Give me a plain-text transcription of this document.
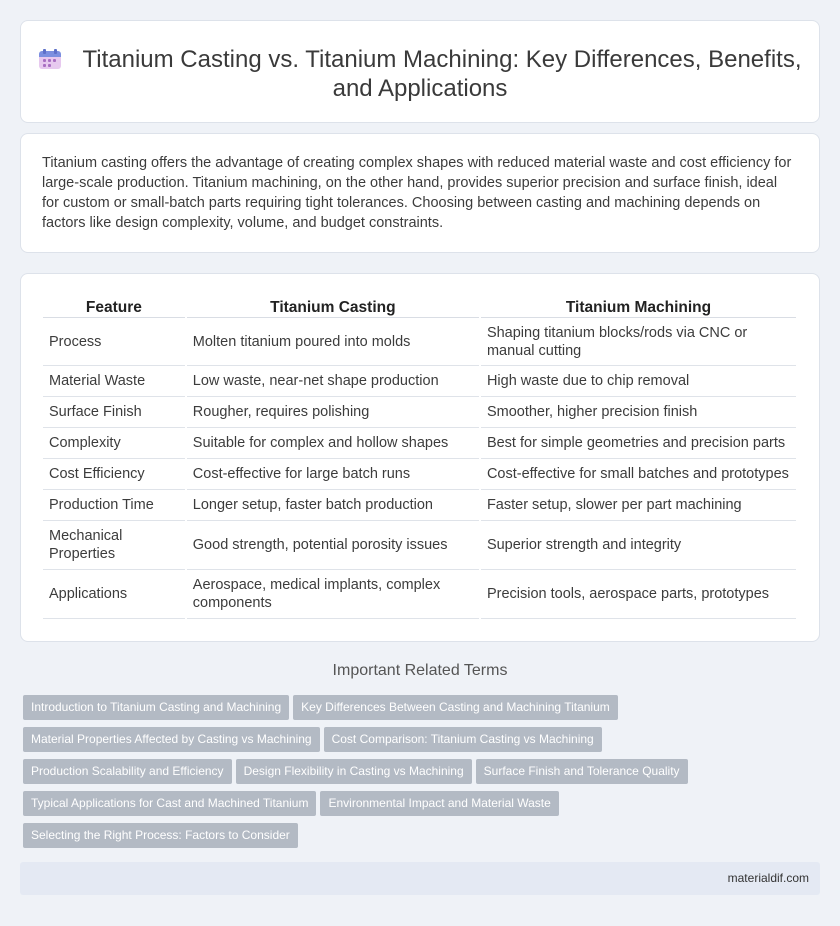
Titanium Casting vs. Titanium Machining: Key Differences, Benefits, and Applications

Titanium casting offers the advantage of creating complex shapes with reduced material waste and cost efficiency for large-scale production. Titanium machining, on the other hand, provides superior precision and surface finish, ideal for custom or small-batch parts requiring tight tolerances. Choosing between casting and machining depends on factors like design complexity, volume, and budget constraints.

Feature	Titanium Casting	Titanium Machining
Process	Molten titanium poured into molds	Shaping titanium blocks/rods via CNC or manual cutting
Material Waste	Low waste, near-net shape production	High waste due to chip removal
Surface Finish	Rougher, requires polishing	Smoother, higher precision finish
Complexity	Suitable for complex and hollow shapes	Best for simple geometries and precision parts
Cost Efficiency	Cost-effective for large batch runs	Cost-effective for small batches and prototypes
Production Time	Longer setup, faster batch production	Faster setup, slower per part machining
Mechanical Properties	Good strength, potential porosity issues	Superior strength and integrity
Applications	Aerospace, medical implants, complex components	Precision tools, aerospace parts, prototypes
Important Related Terms
Introduction to Titanium Casting and Machining Key Differences Between Casting and Machining Titanium
Material Properties Affected by Casting vs Machining Cost Comparison: Titanium Casting vs Machining
Production Scalability and Efficiency Design Flexibility in Casting vs Machining Surface Finish and Tolerance Quality
Typical Applications for Cast and Machined Titanium Environmental Impact and Material Waste
Selecting the Right Process: Factors to Consider
materialdif.com
